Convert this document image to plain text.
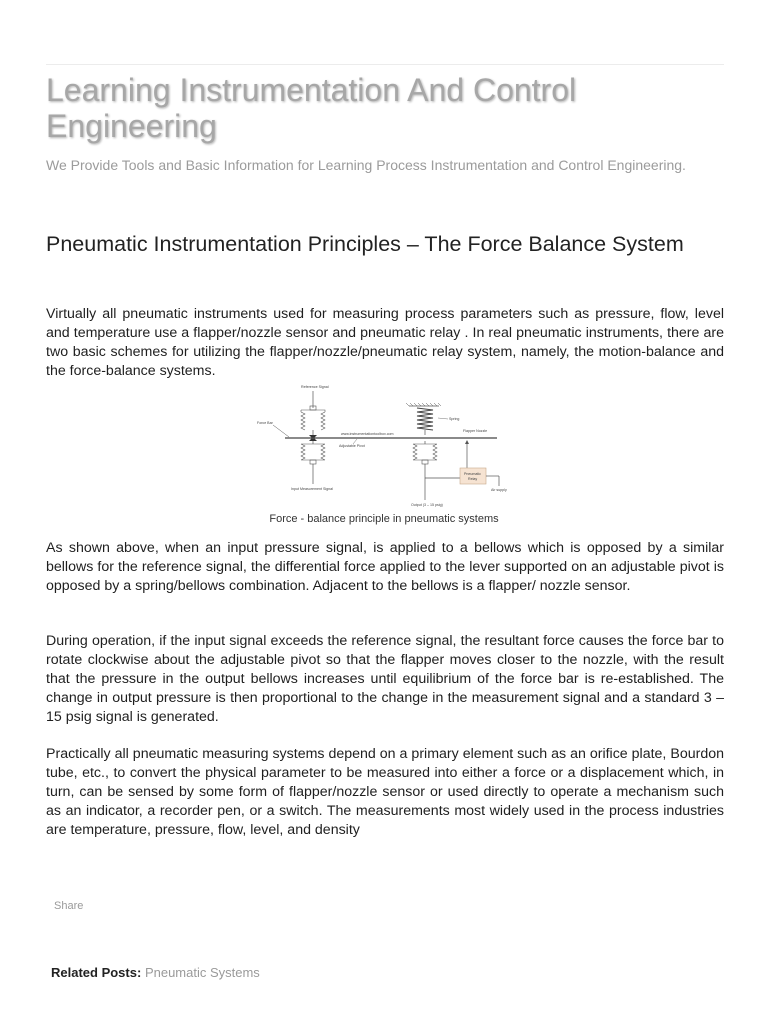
Learning Instrumentation And Control Engineering

We Provide Tools and Basic Information for Learning Process Instrumentation and Control Engineering.

Pneumatic Instrumentation Principles – The Force Balance System

Virtually all pneumatic instruments used for measuring process parameters such as pressure, flow, level and temperature use a flapper/nozzle sensor and pneumatic relay . In real pneumatic instruments, there are two basic schemes for utilizing the flapper/nozzle/pneumatic relay system, namely, the motion-balance and the force-balance systems.

Reference Signal
Force Bar
Input Measurement Signal
www.instrumentationtoolbox.com
Adjustable Pivot
Spring
Flapper Nozzle
Pneumatic
Relay
Air supply
Output (3 – 15 psig)
Force - balance principle in pneumatic systems

As shown above, when an input pressure signal, is applied to a bellows which is opposed by a similar bellows for the reference signal, the differential force applied to the lever supported on an adjustable pivot is opposed by a spring/bellows combination. Adjacent to the bellows is a flapper/ nozzle sensor.

During operation, if the input signal exceeds the reference signal, the resultant force causes the force bar to rotate clockwise about the adjustable pivot so that the flapper moves closer to the nozzle, with the result that the pressure in the output bellows increases until equilibrium of the force bar is re-established. The change in output pressure is then proportional to the change in the measurement signal and a standard 3 – 15 psig signal is generated.

Practically all pneumatic measuring systems depend on a primary element such as an orifice plate, Bourdon tube, etc., to convert the physical parameter to be measured into either a force or a displacement which, in turn, can be sensed by some form of flapper/nozzle sensor or used directly to operate a mechanism such as an indicator, a recorder pen, or a switch. The measurements most widely used in the process industries are temperature, pressure, flow, level, and density

Share
Related Posts: Pneumatic Systems
